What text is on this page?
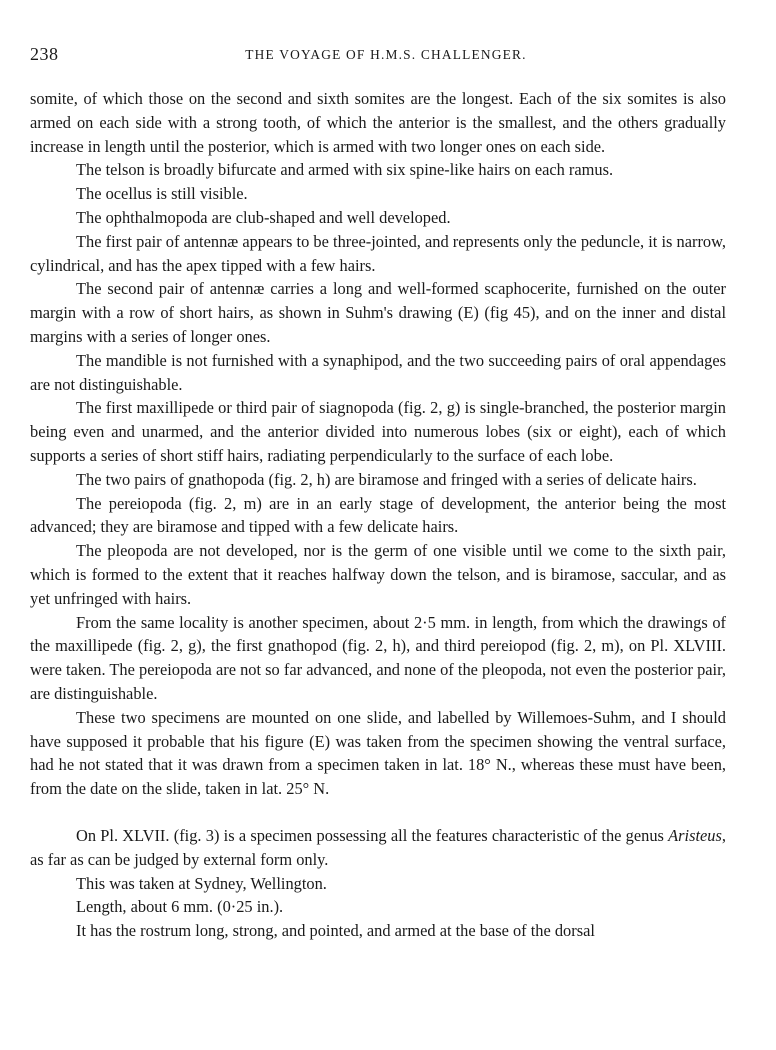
238	THE VOYAGE OF H.M.S. CHALLENGER.

somite, of which those on the second and sixth somites are the longest. Each of the six somites is also armed on each side with a strong tooth, of which the anterior is the smallest, and the others gradually increase in length until the posterior, which is armed with two longer ones on each side.

The telson is broadly bifurcate and armed with six spine-like hairs on each ramus.

The ocellus is still visible.

The ophthalmopoda are club-shaped and well developed.

The first pair of antennæ appears to be three-jointed, and represents only the peduncle, it is narrow, cylindrical, and has the apex tipped with a few hairs.

The second pair of antennæ carries a long and well-formed scaphocerite, furnished on the outer margin with a row of short hairs, as shown in Suhm's drawing (E) (fig 45), and on the inner and distal margins with a series of longer ones.

The mandible is not furnished with a synaphipod, and the two succeeding pairs of oral appendages are not distinguishable.

The first maxillipede or third pair of siagnopoda (fig. 2, g) is single-branched, the posterior margin being even and unarmed, and the anterior divided into numerous lobes (six or eight), each of which supports a series of short stiff hairs, radiating perpendicularly to the surface of each lobe.

The two pairs of gnathopoda (fig. 2, h) are biramose and fringed with a series of delicate hairs.

The pereiopoda (fig. 2, m) are in an early stage of development, the anterior being the most advanced; they are biramose and tipped with a few delicate hairs.

The pleopoda are not developed, nor is the germ of one visible until we come to the sixth pair, which is formed to the extent that it reaches halfway down the telson, and is biramose, saccular, and as yet unfringed with hairs.

From the same locality is another specimen, about 2·5 mm. in length, from which the drawings of the maxillipede (fig. 2, g), the first gnathopod (fig. 2, h), and third pereiopod (fig. 2, m), on Pl. XLVIII. were taken. The pereiopoda are not so far advanced, and none of the pleopoda, not even the posterior pair, are distinguishable.

These two specimens are mounted on one slide, and labelled by Willemoes-Suhm, and I should have supposed it probable that his figure (E) was taken from the specimen showing the ventral surface, had he not stated that it was drawn from a specimen taken in lat. 18° N., whereas these must have been, from the date on the slide, taken in lat. 25° N.

On Pl. XLVII. (fig. 3) is a specimen possessing all the features characteristic of the genus Aristeus, as far as can be judged by external form only.

This was taken at Sydney, Wellington.

Length, about 6 mm. (0·25 in.).

It has the rostrum long, strong, and pointed, and armed at the base of the dorsal
